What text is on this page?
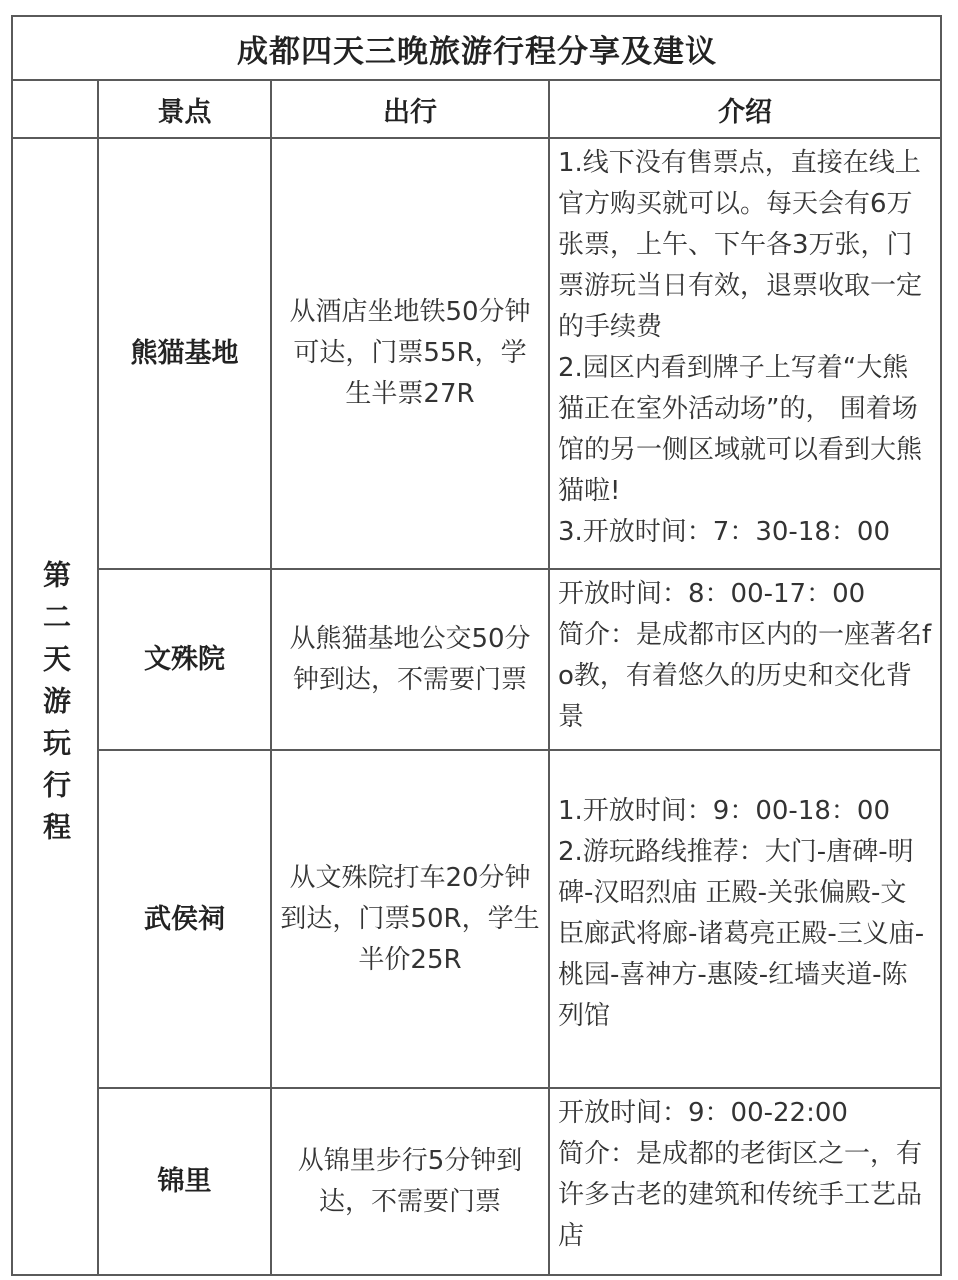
成都四天三晚旅游行程分享及建议
景点	出行	介绍
第二天游玩行程
熊猫基地
从酒店坐地铁50分钟可达，门票55R，学生半票27R

1.线下没有售票点，直接在线上官方购买就可以。每天会有6万张票，上午、下午各3万张，门票游玩当日有效，退票收取一定的手续费

2.园区内看到牌子上写着“大熊猫正在室外活动场”的， 围着场馆的另一侧区域就可以看到大熊猫啦!

3.开放时间：7：30-18：00

文殊院
从熊猫基地公交50分钟到达，不需要门票

开放时间：8：00-17：00

简介：是成都市区内的一座著名fo教，有着悠久的历史和交化背景

武侯祠
从文殊院打车20分钟到达，门票50R，学生半价25R

1.开放时间：9：00-18：00

2.游玩路线推荐：大门-唐碑-明碑-汉昭烈庙 正殿-关张偏殿-文臣廊武将廊-诸葛亮正殿-三义庙-桃园-喜神方-惠陵-红墙夹道-陈列馆

锦里
从锦里步行5分钟到达，不需要门票

开放时间：9：00-22:00

简介：是成都的老街区之一，有许多古老的建筑和传统手工艺品店
